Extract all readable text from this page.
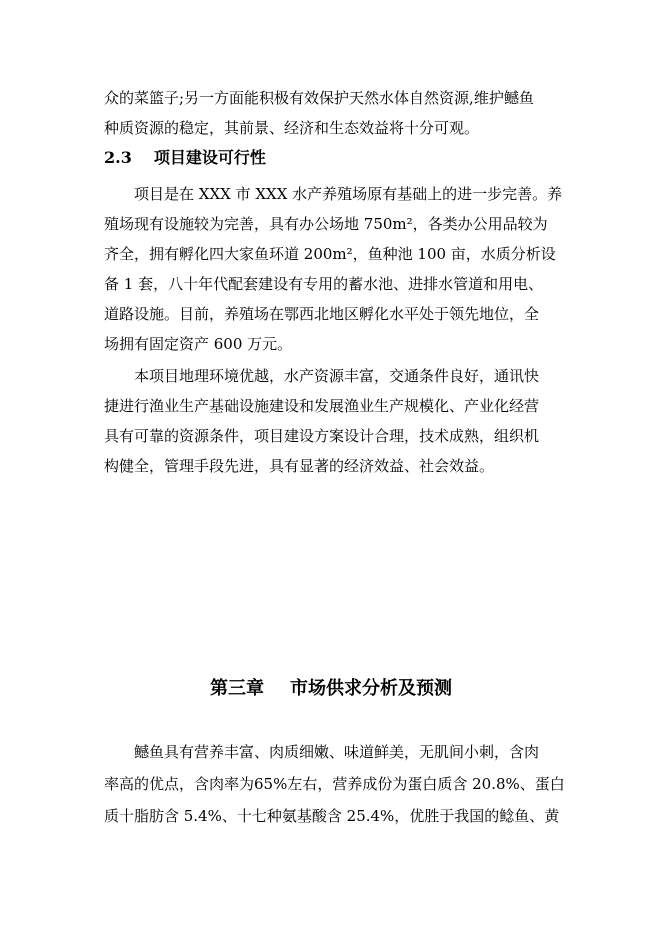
众的菜篮子;另一方面能积极有效保护天然水体自然资源,维护鳡鱼
种质资源的稳定，其前景、经济和生态效益将十分可观。
2.3 项目建设可行性
项目是在 XXX 市 XXX 水产养殖场原有基础上的进一步完善。养
殖场现有设施较为完善，具有办公场地 750m²，各类办公用品较为
齐全，拥有孵化四大家鱼环道 200m²，鱼种池 100 亩，水质分析设
备 1 套，八十年代配套建设有专用的蓄水池、进排水管道和用电、
道路设施。目前，养殖场在鄂西北地区孵化水平处于领先地位，全
场拥有固定资产 600 万元。
本项目地理环境优越，水产资源丰富，交通条件良好，通讯快
捷进行渔业生产基础设施建设和发展渔业生产规模化、产业化经营
具有可靠的资源条件，项目建设方案设计合理，技术成熟，组织机
构健全，管理手段先进，具有显著的经济效益、社会效益。
第三章 市场供求分析及预测
鳡鱼具有营养丰富、肉质细嫩、味道鲜美，无肌间小刺，含肉
率高的优点，含肉率为65%左右，营养成份为蛋白质含 20.8%、蛋白
质十脂肪含 5.4%、十七种氨基酸含 25.4%，优胜于我国的鲶鱼、黄
